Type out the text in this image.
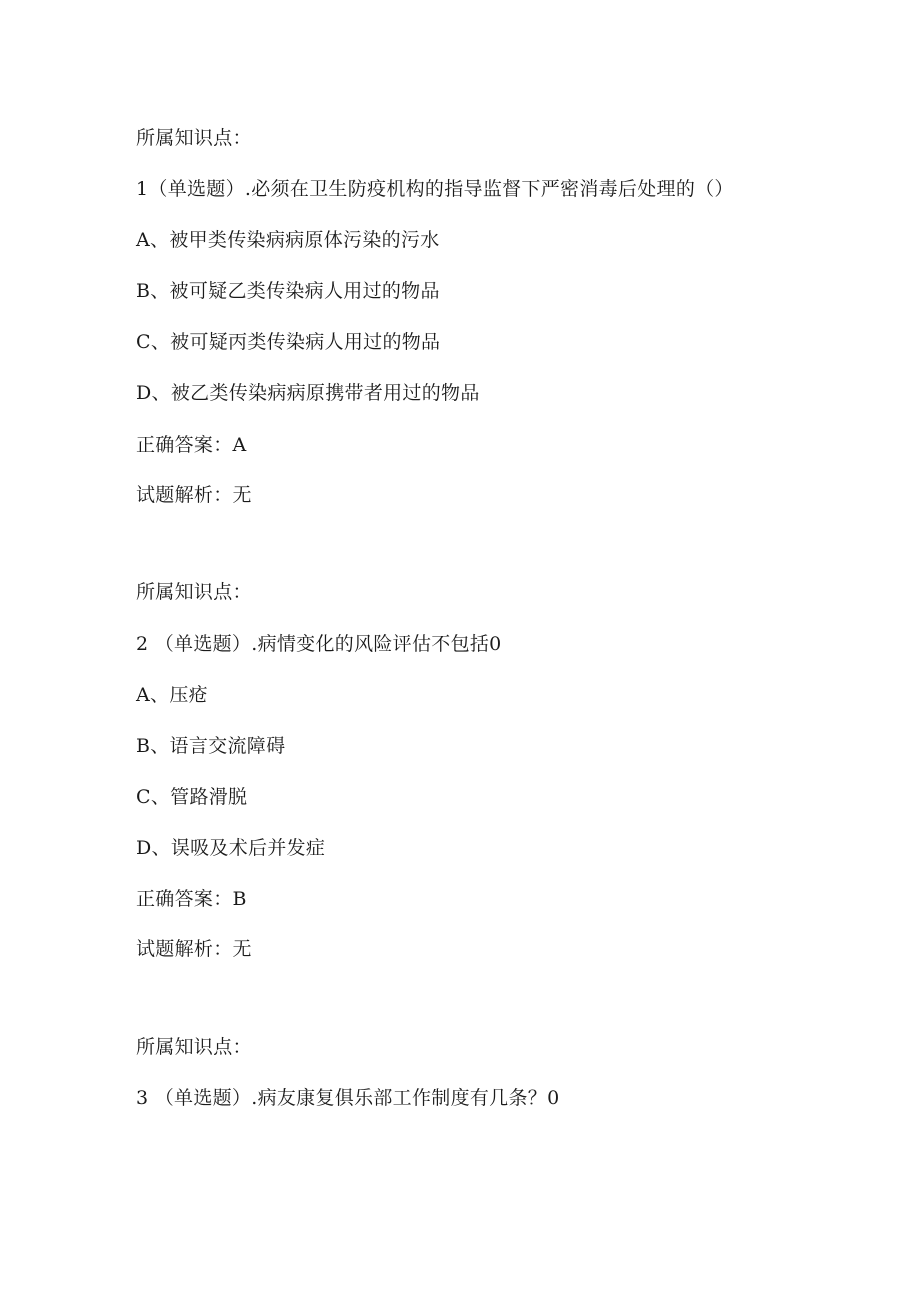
所属知识点：
1（单选题）.必须在卫生防疫机构的指导监督下严密消毒后处理的（）
A、被甲类传染病病原体污染的污水
B、被可疑乙类传染病人用过的物品
C、被可疑丙类传染病人用过的物品
D、被乙类传染病病原携带者用过的物品
正确答案：A
试题解析：无
所属知识点：
2 （单选题）.病情变化的风险评估不包括0
A、压疮
B、语言交流障碍
C、管路滑脱
D、误吸及术后并发症
正确答案：B
试题解析：无
所属知识点：
3 （单选题）.病友康复俱乐部工作制度有几条？0
